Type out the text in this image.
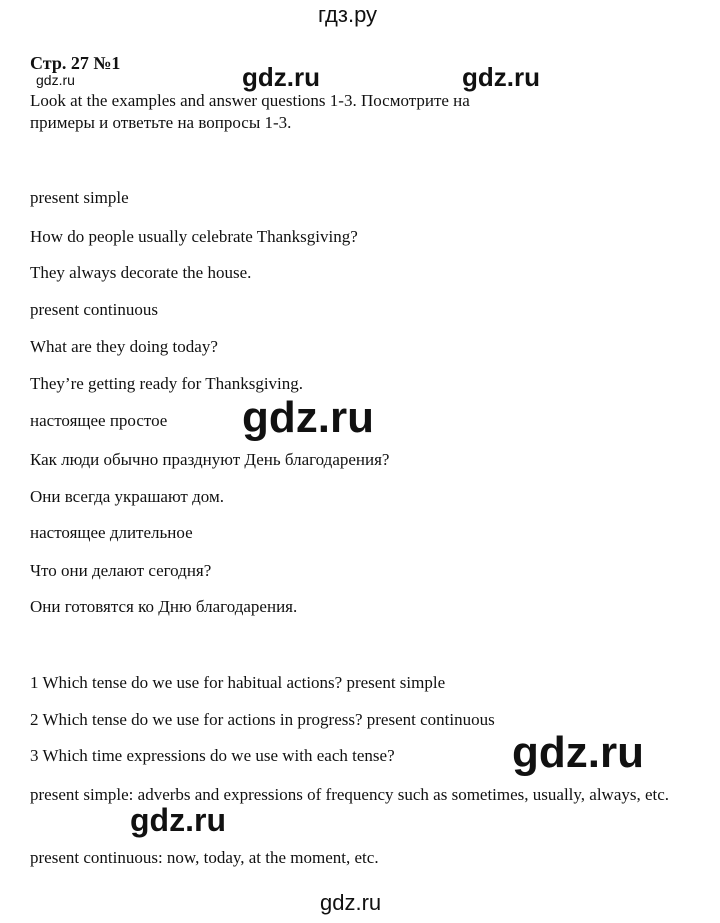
гдз.ру
Стр. 27 №1
gdz.ru	gdz.ru	gdz.ru
Look at the examples and answer questions 1-3. Посмотрите на примеры и ответьте на вопросы 1-3.
present simple
How do people usually celebrate Thanksgiving?
They always decorate the house.
present continuous
What are they doing today?
They’re getting ready for Thanksgiving.
настоящее простое gdz.ru
Как люди обычно празднуют День благодарения?
Они всегда украшают дом.
настоящее длительное
Что они делают сегодня?
Они готовятся ко Дню благодарения.
1 Which tense do we use for habitual actions? present simple
2 Which tense do we use for actions in progress? present continuous
3 Which time expressions do we use with each tense?	gdz.ru
present simple: adverbs and expressions of frequency such as sometimes, usually, always, etc.
gdz.ru
present continuous: now, today, at the moment, etc.
gdz.ru
